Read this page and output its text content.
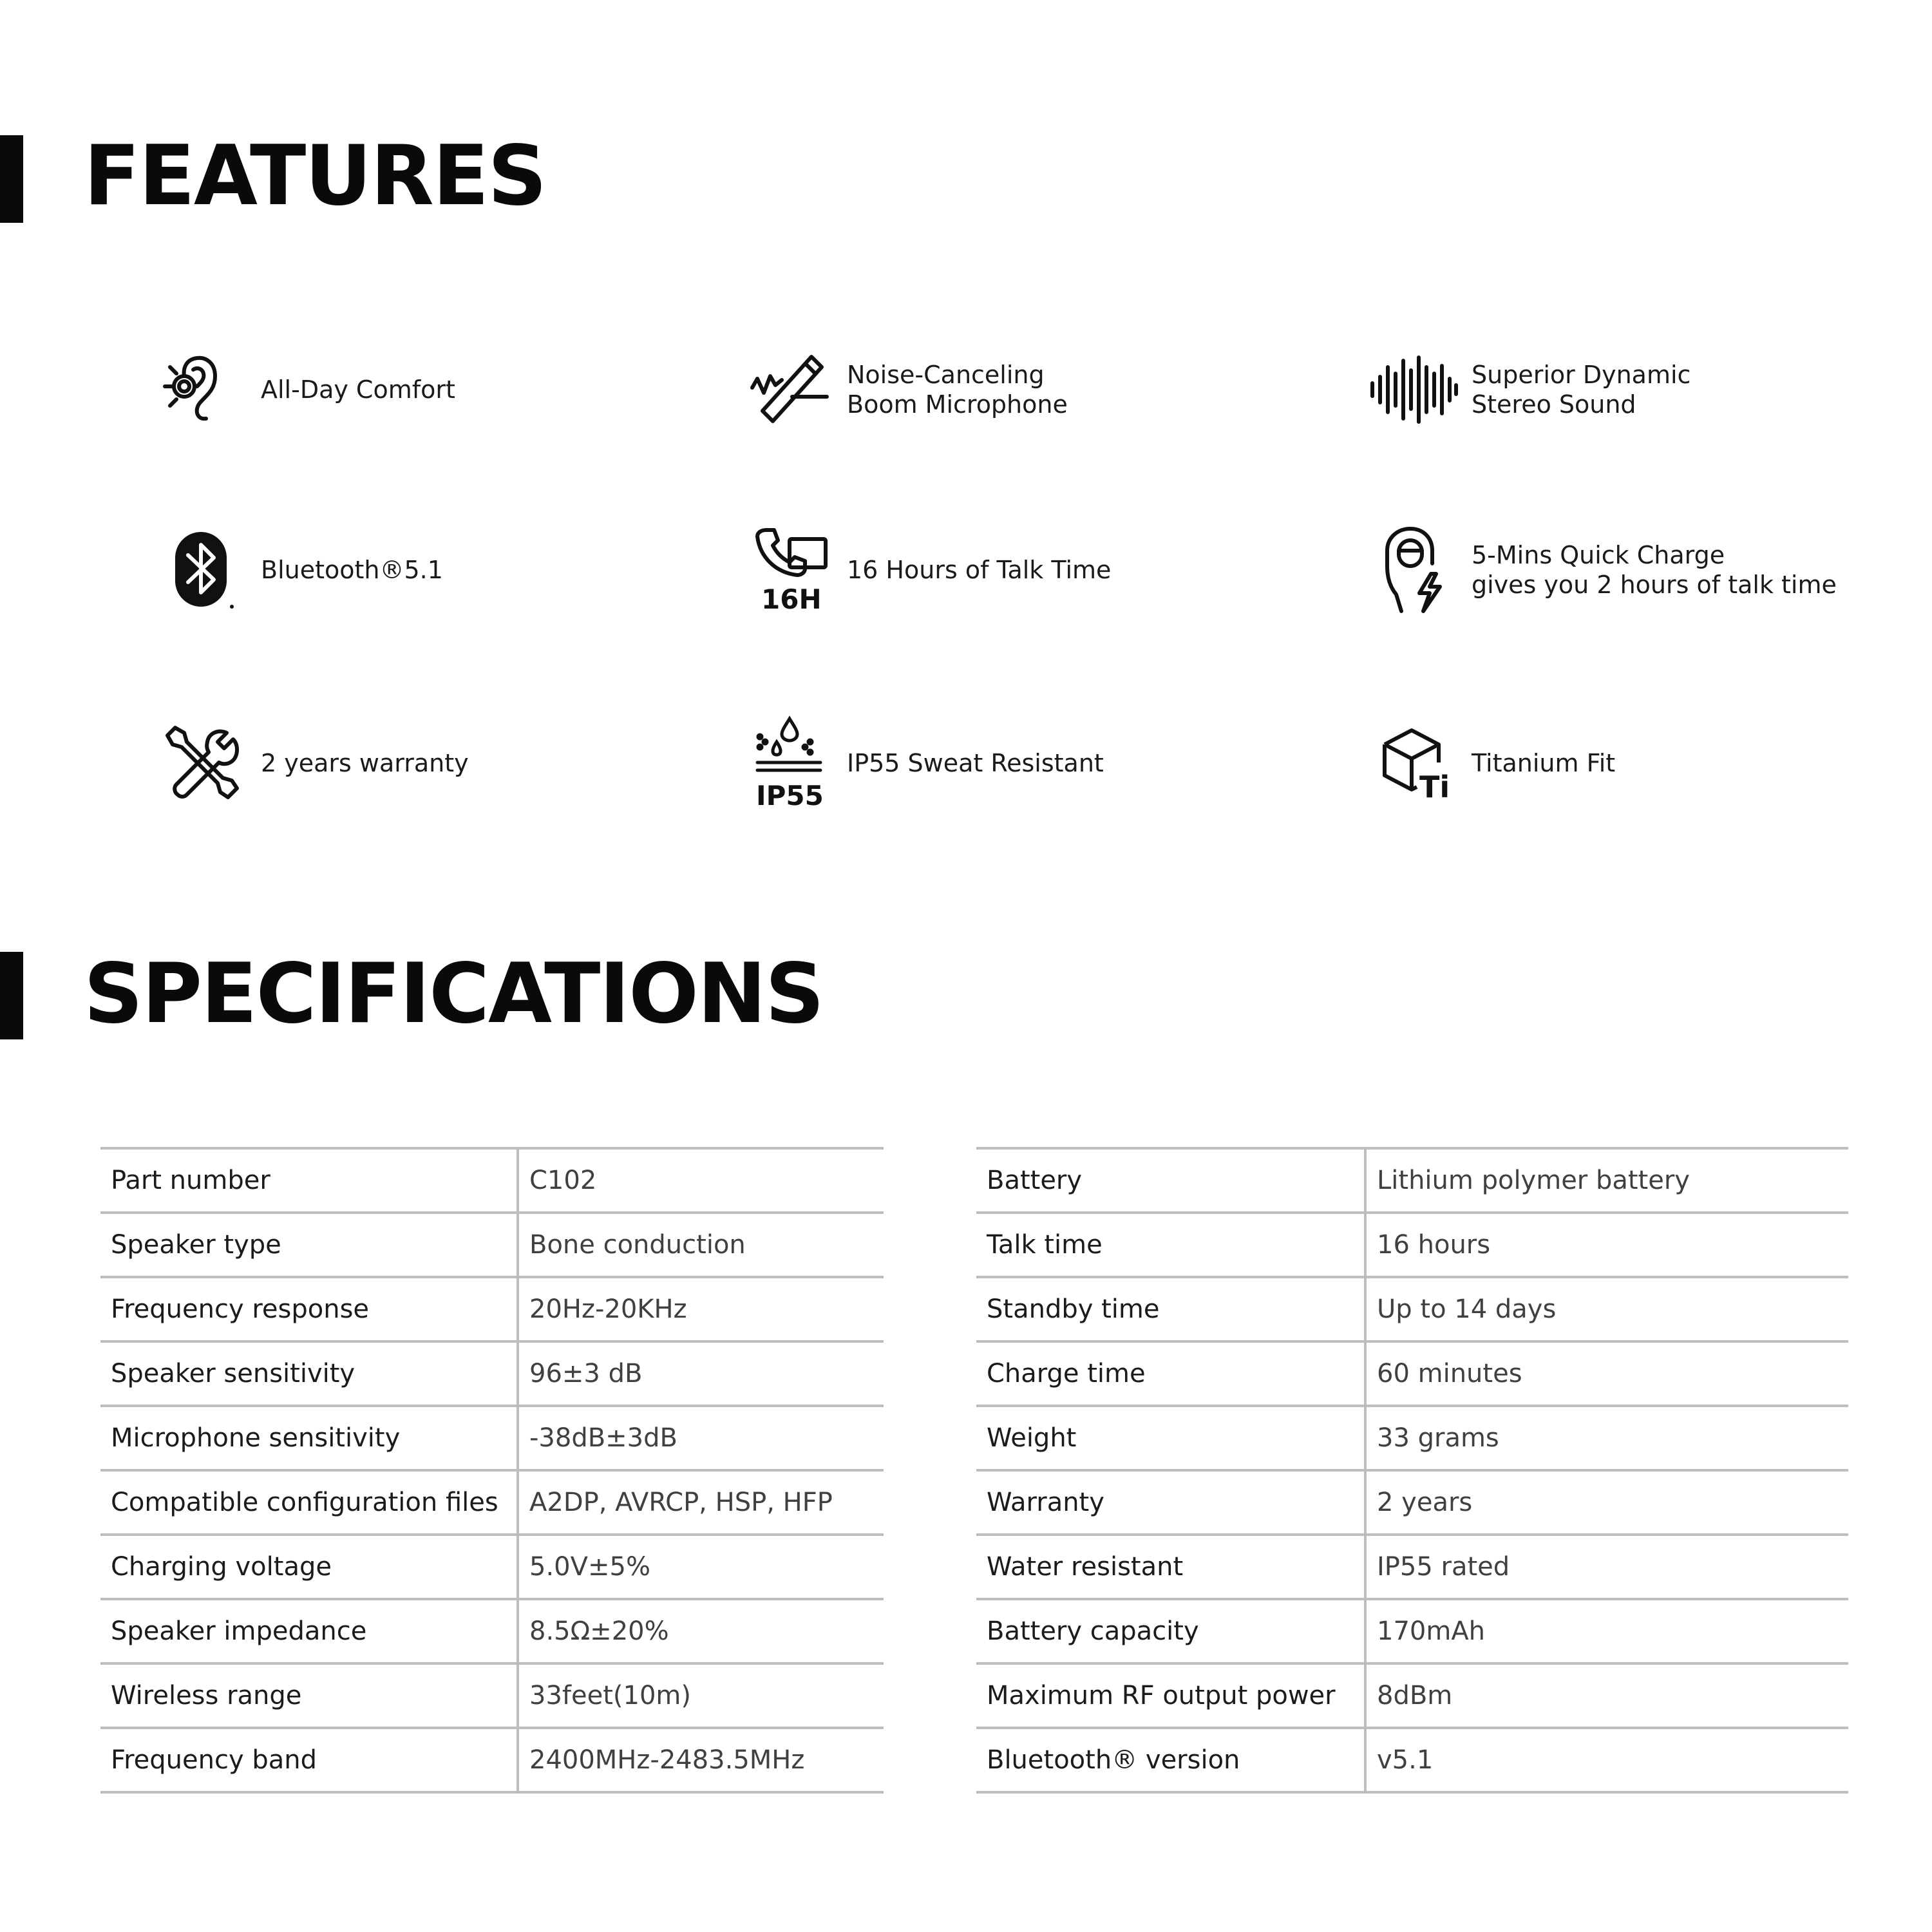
FEATURES
All-Day Comfort
Noise-Canceling
Boom Microphone
Superior Dynamic
Stereo Sound
Bluetooth®5.1
16H
16 Hours of Talk Time
5-Mins Quick Charge
gives you 2 hours of talk time
2 years warranty
IP55
IP55 Sweat Resistant
Ti
Titanium Fit
SPECIFICATIONS
Part number	C102
Speaker type	Bone conduction
Frequency response	20Hz-20KHz
Speaker sensitivity	96±3 dB
Microphone sensitivity	-38dB±3dB
Compatible configuration files	A2DP, AVRCP, HSP, HFP
Charging voltage	5.0V±5%
Speaker impedance	8.5Ω±20%
Wireless range	33feet(10m)
Frequency band	2400MHz-2483.5MHz
Battery	Lithium polymer battery
Talk time	16 hours
Standby time	Up to 14 days
Charge time	60 minutes
Weight	33 grams
Warranty	2 years
Water resistant	IP55 rated
Battery capacity	170mAh
Maximum RF output power	8dBm
Bluetooth® version	v5.1
